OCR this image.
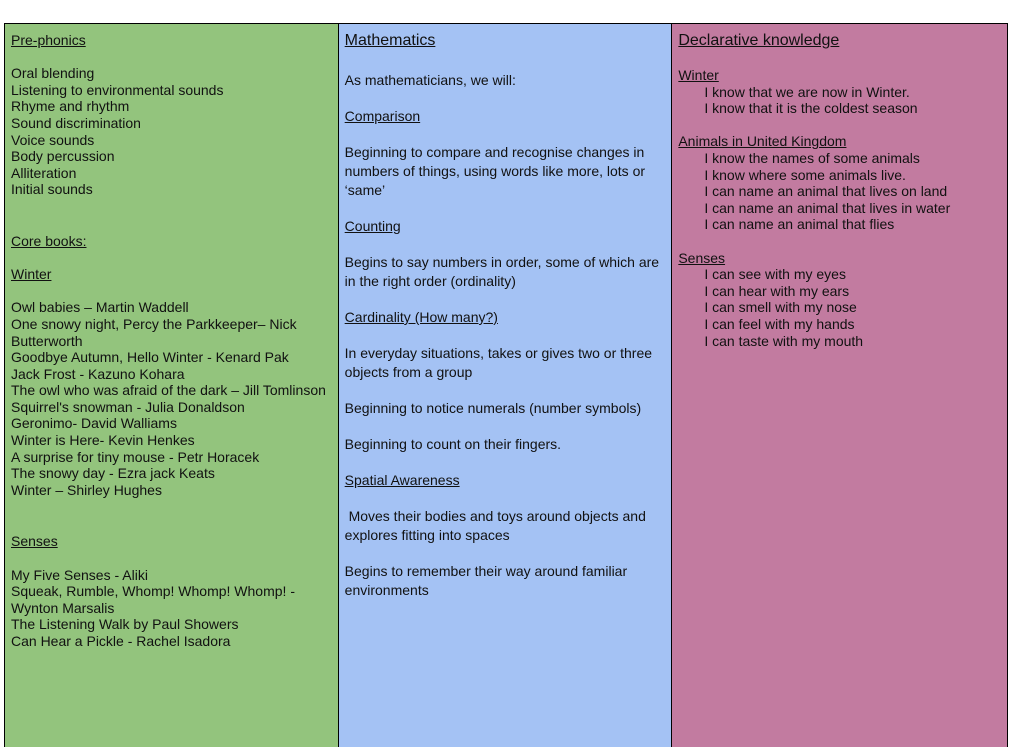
Pre-phonics
Oral blending
Listening to environmental sounds
Rhyme and rhythm
Sound discrimination
Voice sounds
Body percussion
Alliteration
Initial sounds
Core books:
Winter
Owl babies – Martin Waddell
One snowy night, Percy the Parkkeeper– Nick Butterworth
Goodbye Autumn, Hello Winter - Kenard Pak
Jack Frost - Kazuno Kohara
The owl who was afraid of the dark – Jill Tomlinson
Squirrel's snowman - Julia Donaldson
Geronimo- David Walliams
Winter is Here- Kevin Henkes
A surprise for tiny mouse - Petr Horacek
The snowy day - Ezra jack Keats
Winter – Shirley Hughes
Senses
My Five Senses - Aliki
Squeak, Rumble, Whomp! Whomp! Whomp! - Wynton Marsalis
The Listening Walk by Paul Showers
Can Hear a Pickle - Rachel Isadora
Mathematics
As mathematicians, we will:
Comparison
Beginning to compare and recognise changes in numbers of things, using words like more, lots or ‘same’
Counting
Begins to say numbers in order, some of which are in the right order (ordinality)
Cardinality (How many?)
In everyday situations, takes or gives two or three objects from a group
Beginning to notice numerals (number symbols)
Beginning to count on their fingers.
Spatial Awareness
Moves their bodies and toys around objects and explores fitting into spaces
Begins to remember their way around familiar environments
Declarative knowledge
Winter
I know that we are now in Winter.
I know that it is the coldest season
Animals in United Kingdom
I know the names of some animals
I know where some animals live.
I can name an animal that lives on land
I can name an animal that lives in water
I can name an animal that flies
Senses
I can see with my eyes
I can hear with my ears
I can smell with my nose
I can feel with my hands
I can taste with my mouth
